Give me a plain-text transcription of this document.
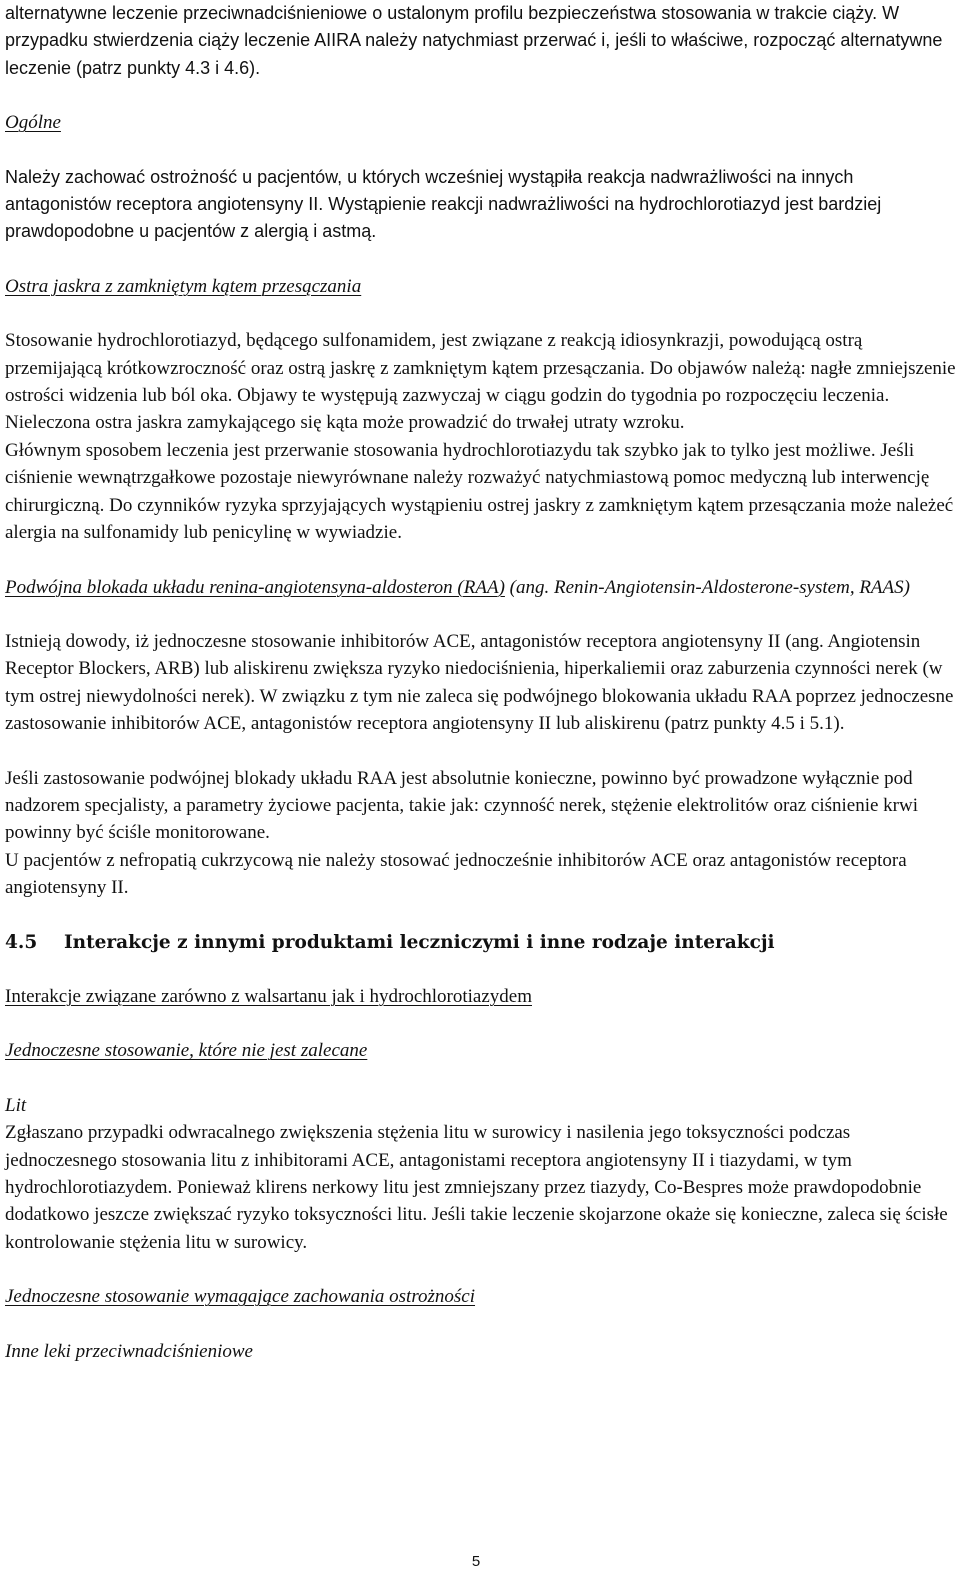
alternatywne leczenie przeciwnadciśnieniowe o ustalonym profilu bezpieczeństwa stosowania w trakcie ciąży. W przypadku stwierdzenia ciąży leczenie AIIRA należy natychmiast przerwać i, jeśli to właściwe, rozpocząć alternatywne leczenie (patrz punkty 4.3 i 4.6).

Ogólne

Należy zachować ostrożność u pacjentów, u których wcześniej wystąpiła reakcja nadwrażliwości na innych antagonistów receptora angiotensyny II. Wystąpienie reakcji nadwrażliwości na hydrochlorotiazyd jest bardziej prawdopodobne u pacjentów z alergią i astmą.

Ostra jaskra z zamkniętym kątem przesączania

Stosowanie hydrochlorotiazyd, będącego sulfonamidem, jest związane z reakcją idiosynkrazji, powodującą ostrą przemijającą krótkowzroczność oraz ostrą jaskrę z zamkniętym kątem przesączania. Do objawów należą: nagłe zmniejszenie ostrości widzenia lub ból oka. Objawy te występują zazwyczaj w ciągu godzin do tygodnia po rozpoczęciu leczenia. Nieleczona ostra jaskra zamykającego się kąta może prowadzić do trwałej utraty wzroku.

Głównym sposobem leczenia jest przerwanie stosowania hydrochlorotiazydu tak szybko jak to tylko jest możliwe. Jeśli ciśnienie wewnątrzgałkowe pozostaje niewyrównane należy rozważyć natychmiastową pomoc medyczną lub interwencję chirurgiczną. Do czynników ryzyka sprzyjających wystąpieniu ostrej jaskry z zamkniętym kątem przesączania może należeć alergia na sulfonamidy lub penicylinę w wywiadzie.

Podwójna blokada układu renina-angiotensyna-aldosteron (RAA) (ang. Renin-Angiotensin-Aldosterone-system, RAAS)

Istnieją dowody, iż jednoczesne stosowanie inhibitorów ACE, antagonistów receptora angiotensyny II (ang. Angiotensin Receptor Blockers, ARB) lub aliskirenu zwiększa ryzyko niedociśnienia, hiperkaliemii oraz zaburzenia czynności nerek (w tym ostrej niewydolności nerek). W związku z tym nie zaleca się podwójnego blokowania układu RAA poprzez jednoczesne zastosowanie inhibitorów ACE, antagonistów receptora angiotensyny II lub aliskirenu (patrz punkty 4.5 i 5.1).

Jeśli zastosowanie podwójnej blokady układu RAA jest absolutnie konieczne, powinno być prowadzone wyłącznie pod nadzorem specjalisty, a parametry życiowe pacjenta, takie jak: czynność nerek, stężenie elektrolitów oraz ciśnienie krwi powinny być ściśle monitorowane.

U pacjentów z nefropatią cukrzycową nie należy stosować jednocześnie inhibitorów ACE oraz antagonistów receptora angiotensyny II.

4.5 Interakcje z innymi produktami leczniczymi i inne rodzaje interakcji

Interakcje związane zarówno z walsartanu jak i hydrochlorotiazydem

Jednoczesne stosowanie, które nie jest zalecane

Lit

Zgłaszano przypadki odwracalnego zwiększenia stężenia litu w surowicy i nasilenia jego toksyczności podczas jednoczesnego stosowania litu z inhibitorami ACE, antagonistami receptora angiotensyny II i tiazydami, w tym hydrochlorotiazydem. Ponieważ klirens nerkowy litu jest zmniejszany przez tiazydy, Co-Bespres może prawdopodobnie dodatkowo jeszcze zwiększać ryzyko toksyczności litu. Jeśli takie leczenie skojarzone okaże się konieczne, zaleca się ścisłe kontrolowanie stężenia litu w surowicy.

Jednoczesne stosowanie wymagające zachowania ostrożności

Inne leki przeciwnadciśnieniowe

5
